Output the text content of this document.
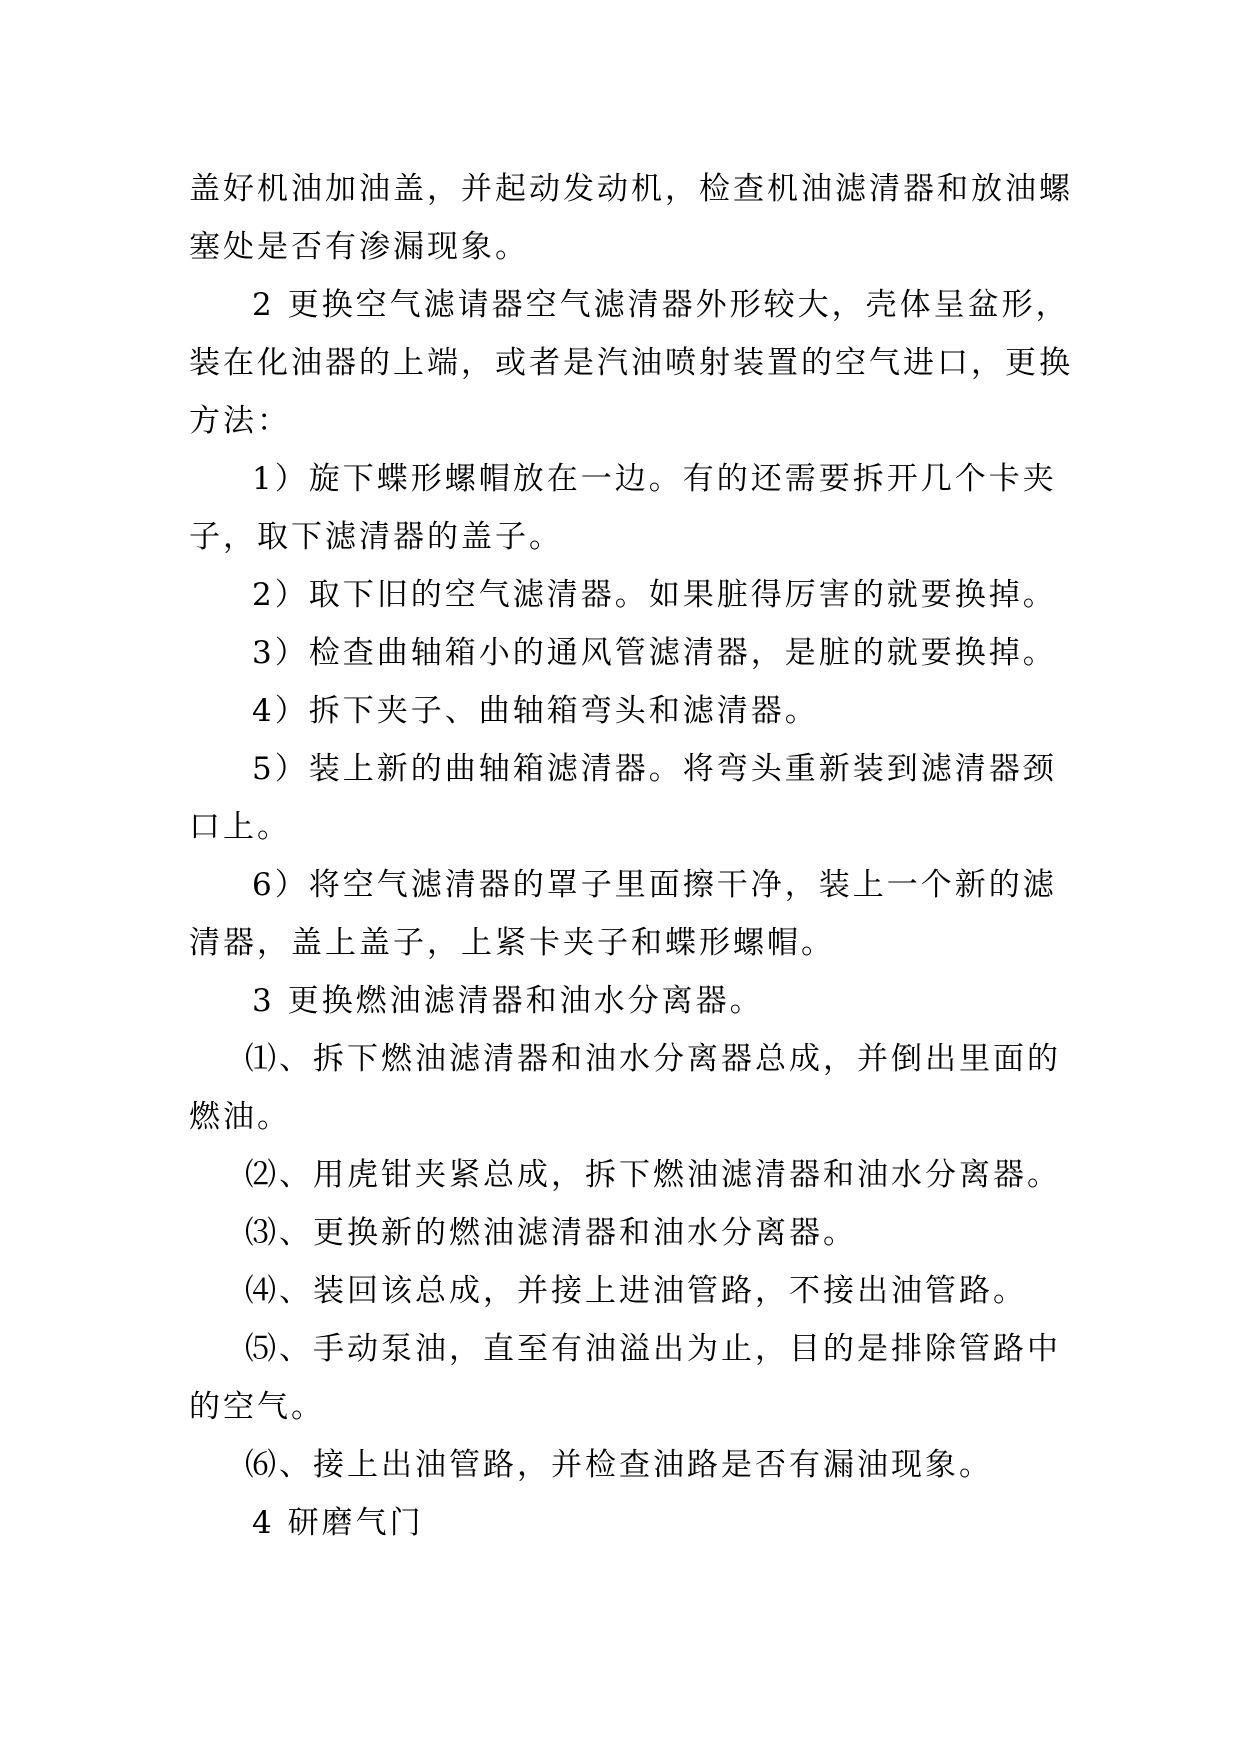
盖好机油加油盖，并起动发动机，检查机油滤清器和放油螺

塞处是否有渗漏现象。

2 更换空气滤请器空气滤清器外形较大，壳体呈盆形，

装在化油器的上端，或者是汽油喷射装置的空气进口，更换

方法：

1）旋下蝶形螺帽放在一边。有的还需要拆开几个卡夹

子，取下滤清器的盖子。

2）取下旧的空气滤清器。如果脏得厉害的就要换掉。

3）检查曲轴箱小的通风管滤清器，是脏的就要换掉。

4）拆下夹子、曲轴箱弯头和滤清器。

5）装上新的曲轴箱滤清器。将弯头重新装到滤清器颈

口上。

6）将空气滤清器的罩子里面擦干净，装上一个新的滤

清器，盖上盖子，上紧卡夹子和蝶形螺帽。

3 更换燃油滤清器和油水分离器。

⑴、拆下燃油滤清器和油水分离器总成，并倒出里面的

燃油。

⑵、用虎钳夹紧总成，拆下燃油滤清器和油水分离器。

⑶、更换新的燃油滤清器和油水分离器。

⑷、装回该总成，并接上进油管路，不接出油管路。

⑸、手动泵油，直至有油溢出为止，目的是排除管路中

的空气。

⑹、接上出油管路，并检查油路是否有漏油现象。

4 研磨气门
